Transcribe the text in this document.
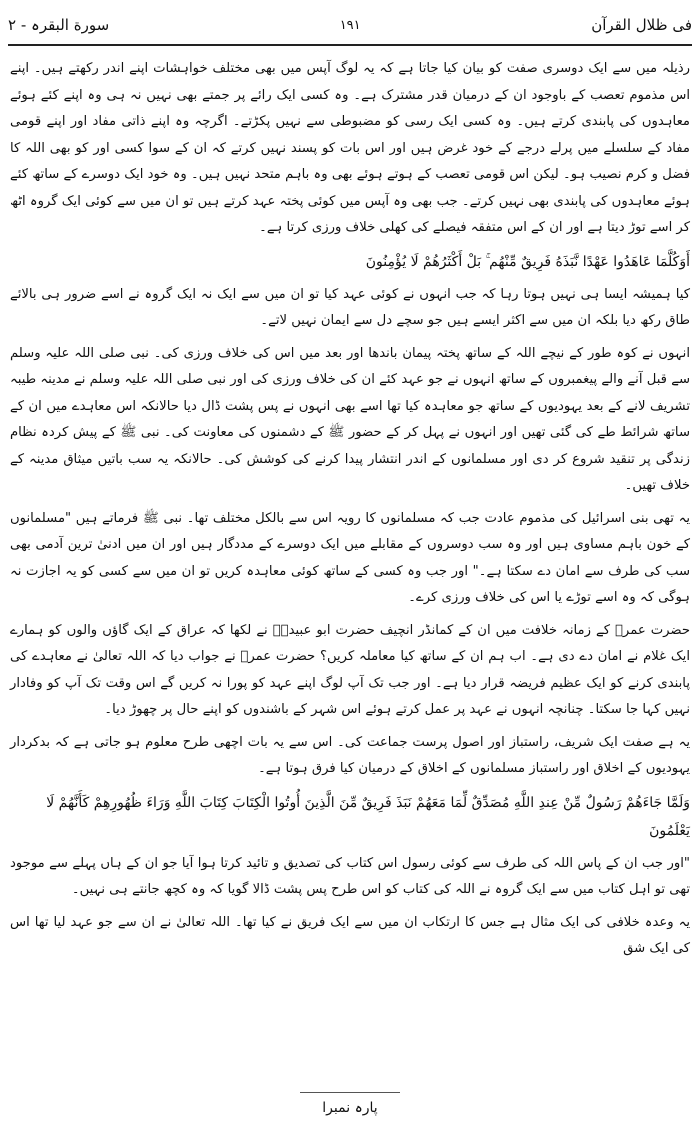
فی ظلال القرآن
١٩١
سورة البقرہ - ٢

رذیلہ میں سے ایک دوسری صفت کو بیان کیا جاتا ہے کہ یہ لوگ آپس میں بھی مختلف خواہشات اپنے اندر رکھتے ہیں۔ اپنے اس مذموم تعصب کے باوجود ان کے درمیان قدر مشترک ہے۔ وہ کسی ایک رائے پر جمتے بھی نہیں نہ ہی وہ اپنے کئے ہوئے معاہدوں کی پابندی کرتے ہیں۔ وہ کسی ایک رسی کو مضبوطی سے نہیں پکڑتے۔ اگرچہ وہ اپنے ذاتی مفاد اور اپنے قومی مفاد کے سلسلے میں پرلے درجے کے خود غرض ہیں اور اس بات کو پسند نہیں کرتے کہ ان کے سوا کسی اور کو بھی اللہ کا فضل و کرم نصیب ہو۔ لیکن اس قومی تعصب کے ہوتے ہوئے بھی وہ باہم متحد نہیں ہیں۔ وہ خود ایک دوسرے کے ساتھ کئے ہوئے معاہدوں کی پابندی بھی نہیں کرتے۔ جب بھی وہ آپس میں کوئی پختہ عہد کرتے ہیں تو ان میں سے کوئی ایک گروہ اٹھ کر اسے توڑ دیتا ہے اور ان کے اس متفقہ فیصلے کی کھلی خلاف ورزی کرتا ہے۔

أَوَكُلَّمَا عَاهَدُوا عَهْدًا نَّبَذَهُ فَرِيقٌ مِّنْهُم ۚ بَلْ أَكْثَرُهُمْ لَا يُؤْمِنُونَ

کیا ہمیشہ ایسا ہی نہیں ہوتا رہا کہ جب انہوں نے کوئی عہد کیا تو ان میں سے ایک نہ ایک گروہ نے اسے ضرور ہی بالائے طاق رکھ دیا بلکہ ان میں سے اکثر ایسے ہیں جو سچے دل سے ایمان نہیں لاتے۔

انہوں نے کوہ طور کے نیچے اللہ کے ساتھ پختہ پیمان باندھا اور بعد میں اس کی خلاف ورزی کی۔ نبی صلی اللہ علیہ وسلم سے قبل آنے والے پیغمبروں کے ساتھ انہوں نے جو عہد کئے ان کی خلاف ورزی کی اور نبی صلی اللہ علیہ وسلم نے مدینہ طیبہ تشریف لانے کے بعد یہودیوں کے ساتھ جو معاہدہ کیا تھا اسے بھی انہوں نے پس پشت ڈال دیا حالانکہ اس معاہدے میں ان کے ساتھ شرائط طے کی گئی تھیں اور انہوں نے پہل کر کے حضور ﷺ کے دشمنوں کی معاونت کی۔ نبی ﷺ کے پیش کردہ نظام زندگی پر تنقید شروع کر دی اور مسلمانوں کے اندر انتشار پیدا کرنے کی کوشش کی۔ حالانکہ یہ سب باتیں میثاق مدینہ کے خلاف تھیں۔

یہ تھی بنی اسرائیل کی مذموم عادت جب کہ مسلمانوں کا رویہ اس سے بالکل مختلف تھا۔ نبی ﷺ فرماتے ہیں "مسلمانوں کے خون باہم مساوی ہیں اور وہ سب دوسروں کے مقابلے میں ایک دوسرے کے مددگار ہیں اور ان میں ادنیٰ ترین آدمی بھی سب کی طرف سے امان دے سکتا ہے۔" اور جب وہ کسی کے ساتھ کوئی معاہدہ کریں تو ان میں سے کسی کو یہ اجازت نہ ہوگی کہ وہ اسے توڑے یا اس کی خلاف ورزی کرے۔

حضرت عمرؓ کے زمانہ خلافت میں ان کے کمانڈر انچیف حضرت ابو عبیدہؓ نے لکھا کہ عراق کے ایک گاؤں والوں کو ہمارے ایک غلام نے امان دے دی ہے۔ اب ہم ان کے ساتھ کیا معاملہ کریں؟ حضرت عمرؓ نے جواب دیا کہ اللہ تعالیٰ نے معاہدے کی پابندی کرنے کو ایک عظیم فریضہ قرار دیا ہے۔ اور جب تک آپ لوگ اپنے عہد کو پورا نہ کریں گے اس وقت تک آپ کو وفادار نہیں کہا جا سکتا۔ چنانچہ انہوں نے عہد پر عمل کرتے ہوئے اس شہر کے باشندوں کو اپنے حال پر چھوڑ دیا۔

یہ ہے صفت ایک شریف، راستباز اور اصول پرست جماعت کی۔ اس سے یہ بات اچھی طرح معلوم ہو جاتی ہے کہ بدکردار یہودیوں کے اخلاق اور راستباز مسلمانوں کے اخلاق کے درمیان کیا فرق ہوتا ہے۔

وَلَمَّا جَاءَهُمْ رَسُولٌ مِّنْ عِندِ اللَّهِ مُصَدِّقٌ لِّمَا مَعَهُمْ نَبَذَ فَرِيقٌ مِّنَ الَّذِينَ أُوتُوا الْكِتَابَ كِتَابَ اللَّهِ وَرَاءَ ظُهُورِهِمْ كَأَنَّهُمْ لَا يَعْلَمُونَ

"اور جب ان کے پاس اللہ کی طرف سے کوئی رسول اس کتاب کی تصدیق و تائید کرتا ہوا آیا جو ان کے ہاں پہلے سے موجود تھی تو اہل کتاب میں سے ایک گروہ نے اللہ کی کتاب کو اس طرح پس پشت ڈالا گویا کہ وہ کچھ جانتے ہی نہیں۔

یہ وعدہ خلافی کی ایک مثال ہے جس کا ارتکاب ان میں سے ایک فریق نے کیا تھا۔ اللہ تعالیٰ نے ان سے جو عہد لیا تھا اس کی ایک شق

پارہ نمبرا
